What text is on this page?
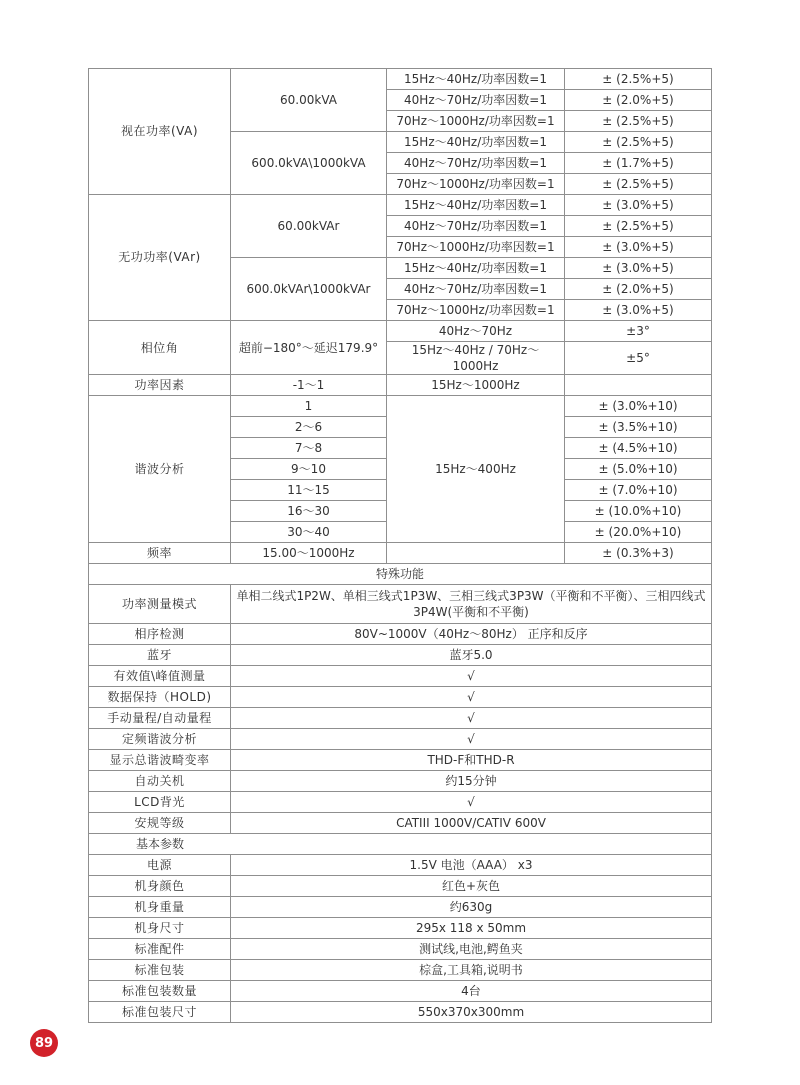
视在功率(VA)	60.00kVA	15Hz～40Hz/功率因数=1	± (2.5%+5)
		40Hz～70Hz/功率因数=1	± (2.0%+5)
		70Hz～1000Hz/功率因数=1	± (2.5%+5)
	600.0kVA\1000kVA	15Hz～40Hz/功率因数=1	± (2.5%+5)
		40Hz～70Hz/功率因数=1	± (1.7%+5)
		70Hz～1000Hz/功率因数=1	± (2.5%+5)
无功功率(VAr)	60.00kVAr	15Hz～40Hz/功率因数=1	± (3.0%+5)
		40Hz～70Hz/功率因数=1	± (2.5%+5)
		70Hz～1000Hz/功率因数=1	± (3.0%+5)
	600.0kVAr\1000kVAr	15Hz～40Hz/功率因数=1	± (3.0%+5)
		40Hz～70Hz/功率因数=1	± (2.0%+5)
		70Hz～1000Hz/功率因数=1	± (3.0%+5)
相位角	超前−180°～延迟179.9°	40Hz～70Hz	±3°
		15Hz～40Hz / 70Hz～1000Hz	±5°
功率因素	-1～1	15Hz～1000Hz	
谐波分析	1	15Hz～400Hz	± (3.0%+10)
	2～6		± (3.5%+10)
	7～8		± (4.5%+10)
	9～10		± (5.0%+10)
	11～15		± (7.0%+10)
	16～30		± (10.0%+10)
	30～40		± (20.0%+10)
频率	15.00～1000Hz		± (0.3%+3)
特殊功能			
功率测量模式	单相二线式1P2W、单相三线式1P3W、三相三线式3P3W（平衡和不平衡）、三相四线式3P4W(平衡和不平衡)		
相序检测	80V~1000V（40Hz～80Hz） 正序和反序		
蓝牙	蓝牙5.0		
有效值\峰值测量	√		
数据保持（HOLD)	√		
手动量程/自动量程	√		
定频谐波分析	√		
显示总谐波畸变率	THD-F和THD-R		
自动关机	约15分钟		
LCD背光	√		
安规等级	CATIII 1000V/CATIV 600V		
基本参数			
电源	1.5V 电池（AAA） x3		
机身颜色	红色+灰色		
机身重量	约630g		
机身尺寸	295x 118 x 50mm		
标准配件	测试线,电池,鳄鱼夹		
标准包装	棕盒,工具箱,说明书		
标准包装数量	4台		
标准包装尺寸	550x370x300mm		
89
